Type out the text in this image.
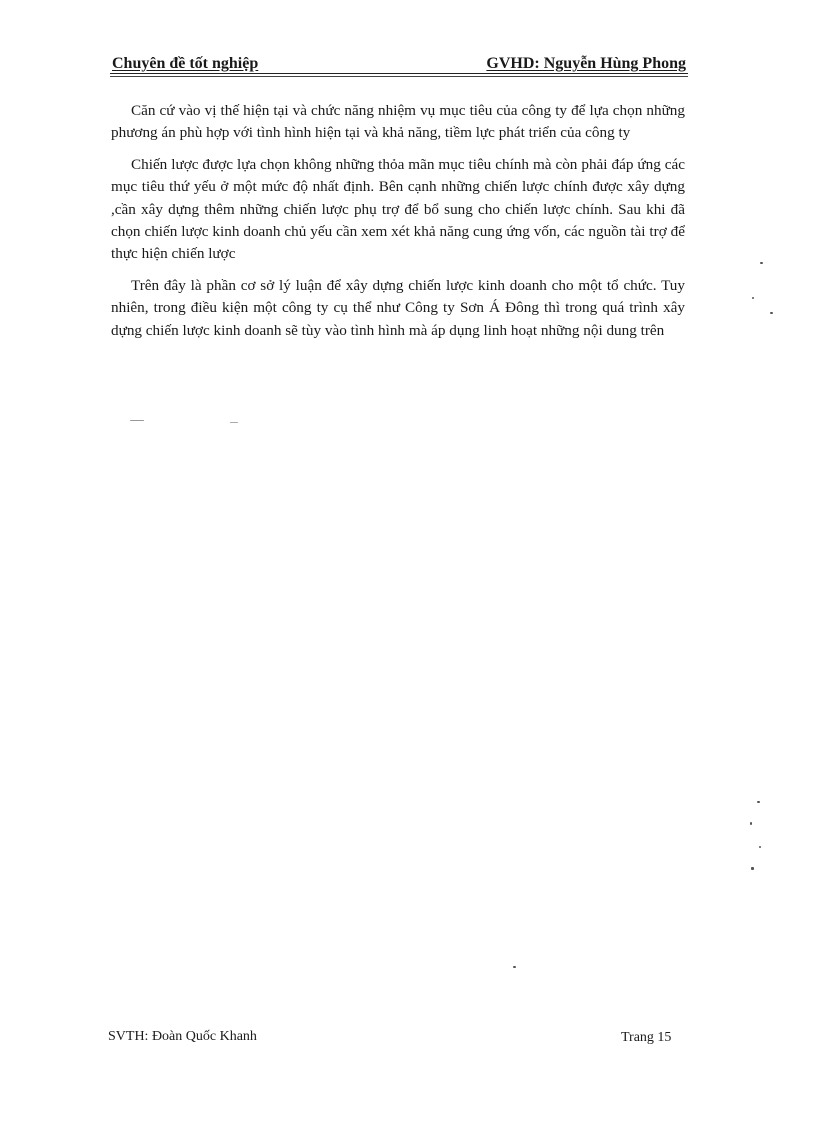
Chuyên đề tốt nghiệp	GVHD: Nguyễn Hùng Phong

Căn cứ vào vị thế hiện tại và chức năng nhiệm vụ mục tiêu của công ty để lựa chọn những phương án phù hợp với tình hình hiện tại và khả năng, tiềm lực phát triển của công ty

Chiến lược được lựa chọn không những thỏa mãn mục tiêu chính mà còn phải đáp ứng các mục tiêu thứ yếu ở một mức độ nhất định. Bên cạnh những chiến lược chính được xây dựng ,cần xây dựng thêm những chiến lược phụ trợ để bổ sung cho chiến lược chính. Sau khi đã chọn chiến lược kinh doanh chủ yếu cần xem xét khả năng cung ứng vốn, các nguồn tài trợ để thực hiện chiến lược

Trên đây là phần cơ sở lý luận để xây dựng chiến lược kinh doanh cho một tổ chức. Tuy nhiên, trong điều kiện một công ty cụ thể như Công ty Sơn Á Đông thì trong quá trình xây dựng chiến lược kinh doanh sẽ tùy vào tình hình mà áp dụng linh hoạt những nội dung trên

SVTH: Đoàn Quốc Khanh	Trang 15
